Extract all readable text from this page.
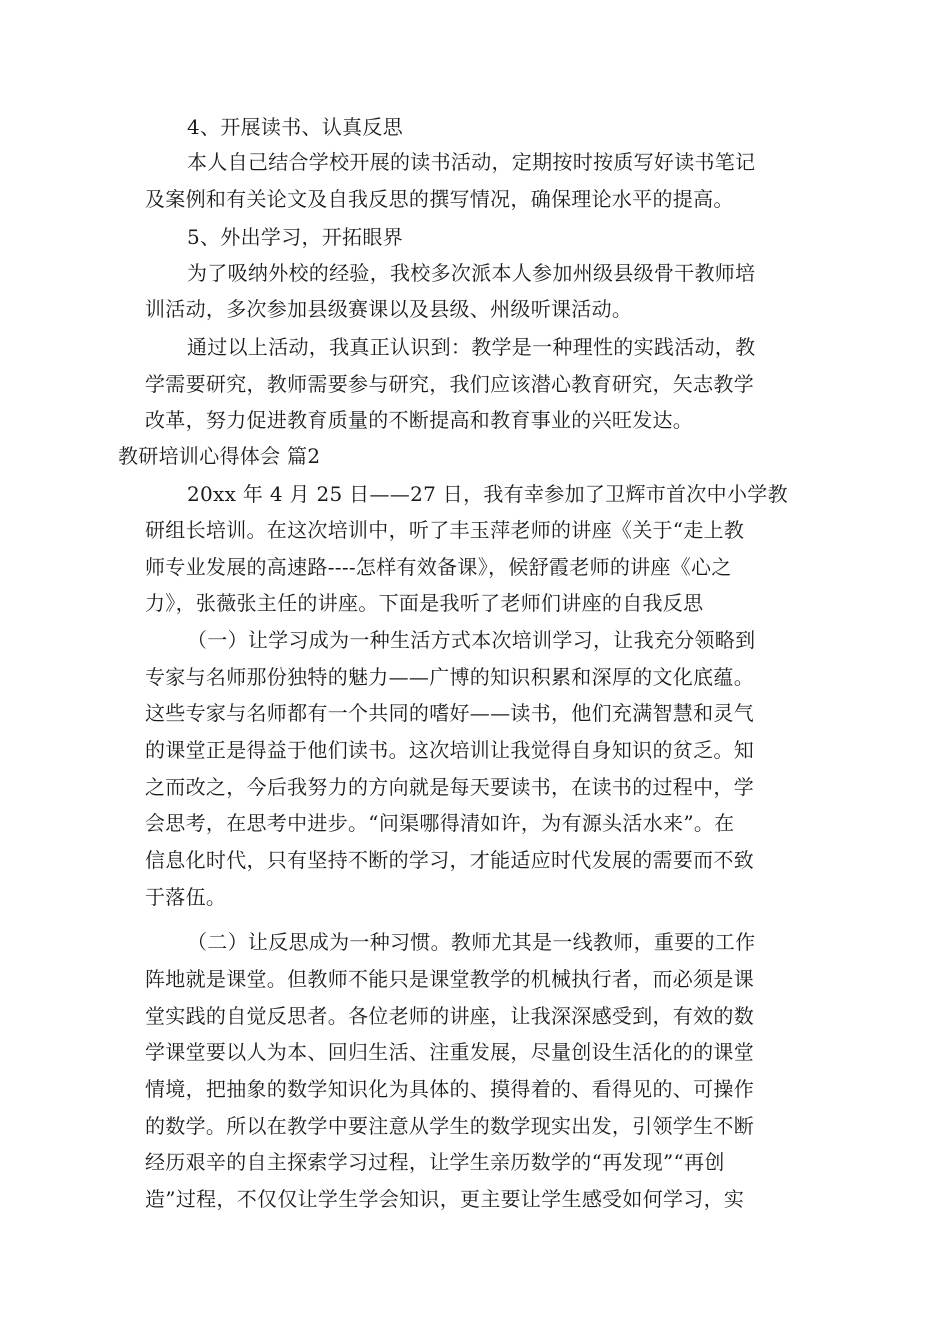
4、开展读书、认真反思
本人自己结合学校开展的读书活动，定期按时按质写好读书笔记
及案例和有关论文及自我反思的撰写情况，确保理论水平的提高。
5、外出学习，开拓眼界
为了吸纳外校的经验，我校多次派本人参加州级县级骨干教师培
训活动，多次参加县级赛课以及县级、州级听课活动。
通过以上活动，我真正认识到：教学是一种理性的实践活动，教
学需要研究，教师需要参与研究，我们应该潜心教育研究，矢志教学
改革，努力促进教育质量的不断提高和教育事业的兴旺发达。
教研培训心得体会 篇2
20xx 年 4 月 25 日——27 日，我有幸参加了卫辉市首次中小学教
研组长培训。在这次培训中，听了丰玉萍老师的讲座《关于“走上教
师专业发展的高速路----怎样有效备课》，候舒霞老师的讲座《心之
力》，张薇张主任的讲座。下面是我听了老师们讲座的自我反思
（一）让学习成为一种生活方式本次培训学习，让我充分领略到
专家与名师那份独特的魅力——广博的知识积累和深厚的文化底蕴。
这些专家与名师都有一个共同的嗜好——读书，他们充满智慧和灵气
的课堂正是得益于他们读书。这次培训让我觉得自身知识的贫乏。知
之而改之，今后我努力的方向就是每天要读书，在读书的过程中，学
会思考，在思考中进步。“问渠哪得清如许，为有源头活水来”。在
信息化时代，只有坚持不断的学习，才能适应时代发展的需要而不致
于落伍。
（二）让反思成为一种习惯。教师尤其是一线教师，重要的工作
阵地就是课堂。但教师不能只是课堂教学的机械执行者，而必须是课
堂实践的自觉反思者。各位老师的讲座，让我深深感受到，有效的数
学课堂要以人为本、回归生活、注重发展，尽量创设生活化的的课堂
情境，把抽象的数学知识化为具体的、摸得着的、看得见的、可操作
的数学。所以在教学中要注意从学生的数学现实出发，引领学生不断
经历艰辛的自主探索学习过程，让学生亲历数学的“再发现”“再创
造”过程，不仅仅让学生学会知识，更主要让学生感受如何学习，实
